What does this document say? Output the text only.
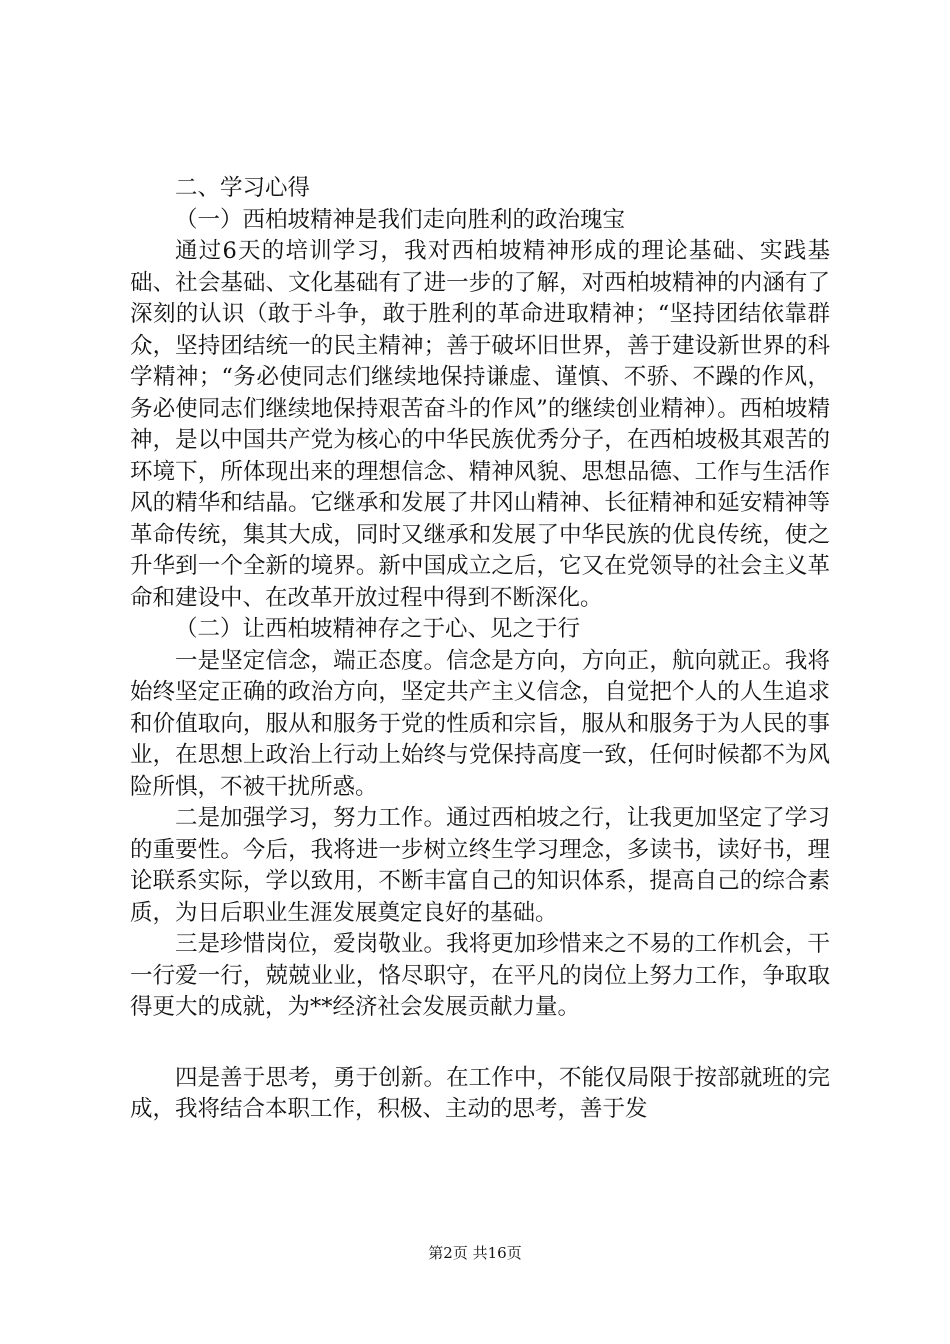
二、学习心得

（一）西柏坡精神是我们走向胜利的政治瑰宝

通过6天的培训学习，我对西柏坡精神形成的理论基础、实践基础、社会基础、文化基础有了进一步的了解，对西柏坡精神的内涵有了深刻的认识（敢于斗争，敢于胜利的革命进取精神；“坚持团结依靠群众，坚持团结统一的民主精神；善于破坏旧世界，善于建设新世界的科学精神；“务必使同志们继续地保持谦虚、谨慎、不骄、不躁的作风，务必使同志们继续地保持艰苦奋斗的作风”的继续创业精神）。西柏坡精神，是以中国共产党为核心的中华民族优秀分子，在西柏坡极其艰苦的环境下，所体现出来的理想信念、精神风貌、思想品德、工作与生活作风的精华和结晶。它继承和发展了井冈山精神、长征精神和延安精神等革命传统，集其大成，同时又继承和发展了中华民族的优良传统，使之升华到一个全新的境界。新中国成立之后，它又在党领导的社会主义革命和建设中、在改革开放过程中得到不断深化。

（二）让西柏坡精神存之于心、见之于行

一是坚定信念，端正态度。信念是方向，方向正，航向就正。我将始终坚定正确的政治方向，坚定共产主义信念，自觉把个人的人生追求和价值取向，服从和服务于党的性质和宗旨，服从和服务于为人民的事业，在思想上政治上行动上始终与党保持高度一致，任何时候都不为风险所惧，不被干扰所惑。

二是加强学习，努力工作。通过西柏坡之行，让我更加坚定了学习的重要性。今后，我将进一步树立终生学习理念，多读书，读好书，理论联系实际，学以致用，不断丰富自己的知识体系，提高自己的综合素质，为日后职业生涯发展奠定良好的基础。

三是珍惜岗位，爱岗敬业。我将更加珍惜来之不易的工作机会，干一行爱一行，兢兢业业，恪尽职守，在平凡的岗位上努力工作，争取取得更大的成就，为**经济社会发展贡献力量。

四是善于思考，勇于创新。在工作中，不能仅局限于按部就班的完成，我将结合本职工作，积极、主动的思考，善于发

第2页 共16页
